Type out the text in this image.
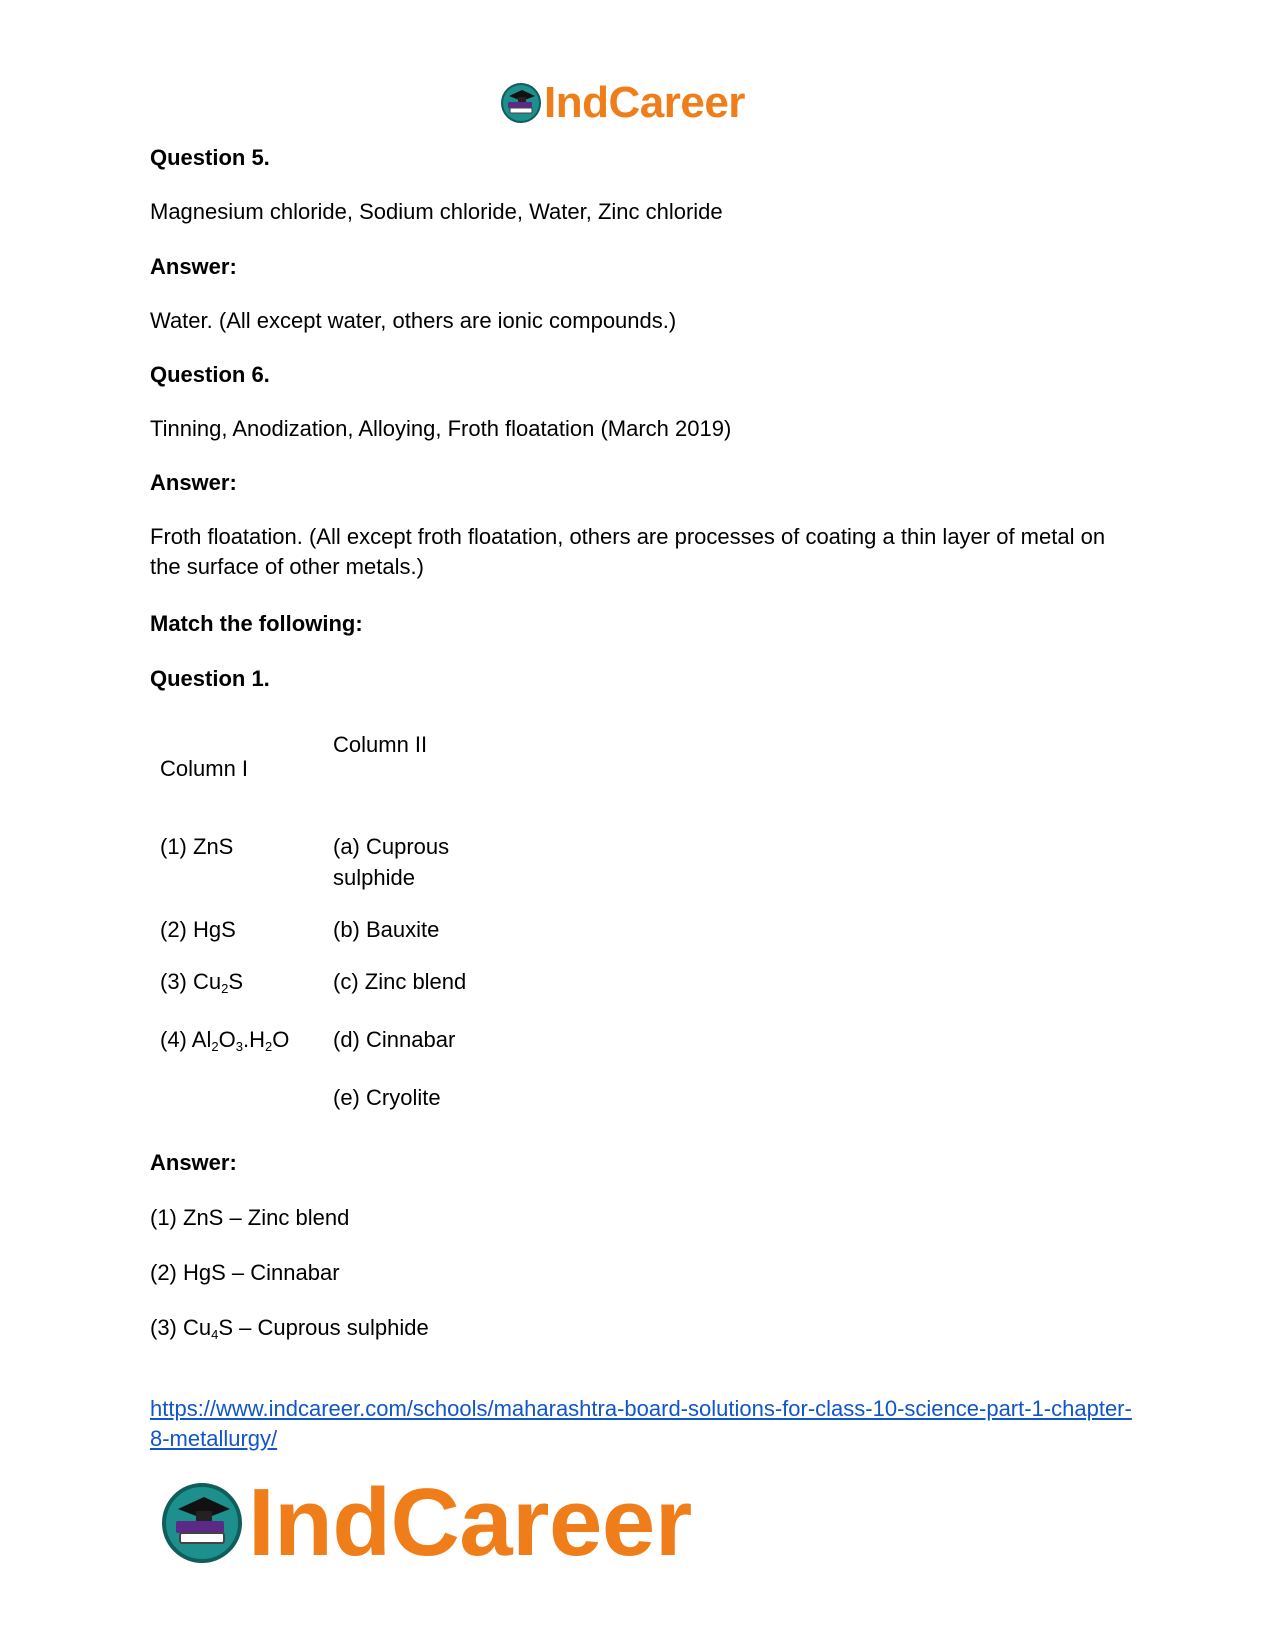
IndCareer
Question 5.
Magnesium chloride, Sodium chloride, Water, Zinc chloride
Answer:
Water. (All except water, others are ionic compounds.)
Question 6.
Tinning, Anodization, Alloying, Froth floatation (March 2019)
Answer:
Froth floatation. (All except froth floatation, others are processes of coating a thin layer of metal on the surface of other metals.)
Match the following:
Question 1.
Column I
Column II
(1) ZnS
(2) HgS
(3) $Cu_2S$
(4) $Al_2O_3.H_2O$
(a) Cuprous sulphide
(b) Bauxite
(c) Zinc blend
(d) Cinnabar
(e) Cryolite
Answer:
(1) ZnS – Zinc blend
(2) HgS – Cinnabar
(3) $Cu_4S$ – Cuprous sulphide
https://www.indcareer.com/schools/maharashtra-board-solutions-for-class-10-science-part-1-chapter-8-metallurgy/
IndCareer
